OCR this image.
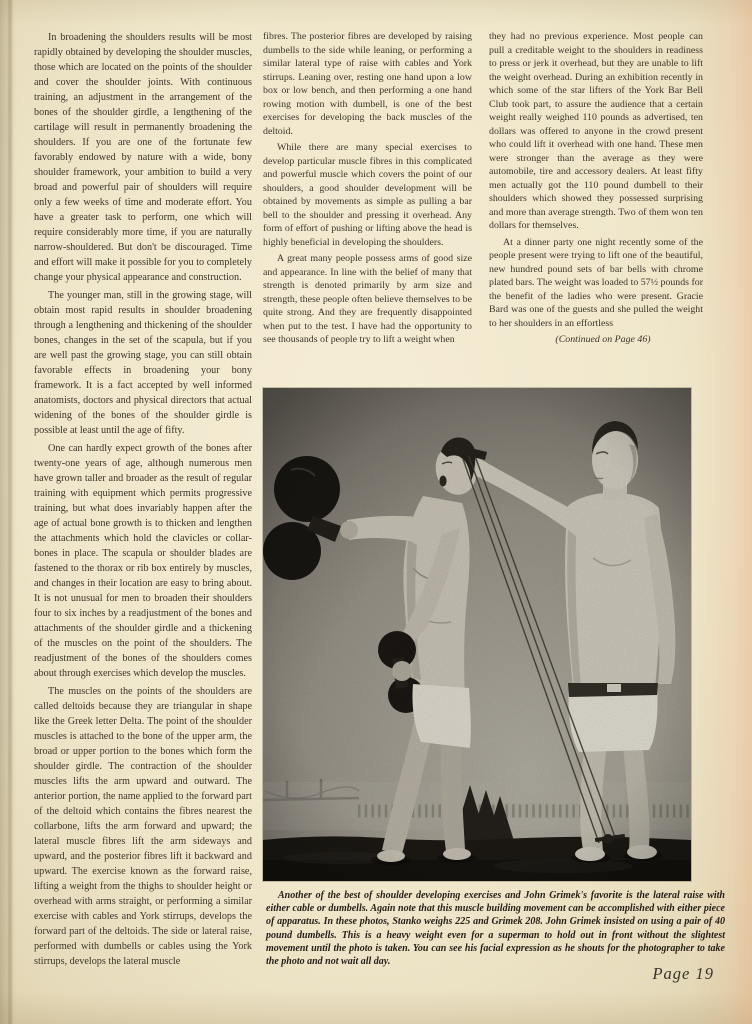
In broadening the shoulders results will be most rapidly obtained by developing the shoulder muscles, those which are located on the points of the shoulder and cover the shoulder joints. With continuous training, an adjustment in the arrangement of the bones of the shoulder girdle, a lengthening of the cartilage will result in permanently broadening the shoulders. If you are one of the fortunate few favorably endowed by nature with a wide, bony shoulder framework, your ambition to build a very broad and powerful pair of shoulders will require only a few weeks of time and moderate effort. You have a greater task to perform, one which will require considerably more time, if you are naturally narrow-shouldered. But don't be discouraged. Time and effort will make it possible for you to completely change your physical appearance and construction.

The younger man, still in the growing stage, will obtain most rapid results in shoulder broadening through a lengthening and thickening of the shoulder bones, changes in the set of the scapula, but if you are well past the growing stage, you can still obtain favorable effects in broadening your bony framework. It is a fact accepted by well informed anatomists, doctors and physical directors that actual widening of the bones of the shoulder girdle is possible at least until the age of fifty.

One can hardly expect growth of the bones after twenty-one years of age, although numerous men have grown taller and broader as the result of regular training with equipment which permits progressive training, but what does invariably happen after the age of actual bone growth is to thicken and lengthen the attachments which hold the clavicles or collar-bones in place. The scapula or shoulder blades are fastened to the thorax or rib box entirely by muscles, and changes in their location are easy to bring about. It is not unusual for men to broaden their shoulders four to six inches by a readjustment of the bones and attachments of the shoulder girdle and a thickening of the muscles on the point of the shoulders. The readjustment of the bones of the shoulders comes about through exercises which develop the muscles.

The muscles on the points of the shoulders are called deltoids because they are triangular in shape like the Greek letter Delta. The point of the shoulder muscles is attached to the bone of the upper arm, the broad or upper portion to the bones which form the shoulder girdle. The contraction of the shoulder muscles lifts the arm upward and outward. The anterior portion, the name applied to the forward part of the deltoid which contains the fibres nearest the collarbone, lifts the arm forward and upward; the lateral muscle fibres lift the arm sideways and upward, and the posterior fibres lift it backward and upward. The exercise known as the forward raise, lifting a weight from the thighs to shoulder height or overhead with arms straight, or performing a similar exercise with cables and York stirrups, develops the forward part of the deltoids. The side or lateral raise, performed with dumbells or cables using the York stirrups, develops the lateral muscle

fibres. The posterior fibres are developed by raising dumbells to the side while leaning, or performing a similar lateral type of raise with cables and York stirrups. Leaning over, resting one hand upon a low box or low bench, and then performing a one hand rowing motion with dumbell, is one of the best exercises for developing the back muscles of the deltoid.

While there are many special exercises to develop particular muscle fibres in this complicated and powerful muscle which covers the point of our shoulders, a good shoulder development will be obtained by movements as simple as pulling a bar bell to the shoulder and pressing it overhead. Any form of effort of pushing or lifting above the head is highly beneficial in developing the shoulders.

A great many people possess arms of good size and appearance. In line with the belief of many that strength is denoted primarily by arm size and strength, these people often believe themselves to be quite strong. And they are frequently disappointed when put to the test. I have had the opportunity to see thousands of people try to lift a weight when

they had no previous experience. Most people can pull a creditable weight to the shoulders in readiness to press or jerk it overhead, but they are unable to lift the weight overhead. During an exhibition recently in which some of the star lifters of the York Bar Bell Club took part, to assure the audience that a certain weight really weighed 110 pounds as advertised, ten dollars was offered to anyone in the crowd present who could lift it overhead with one hand. These men were stronger than the average as they were automobile, tire and accessory dealers. At least fifty men actually got the 110 pound dumbell to their shoulders which showed they possessed surprising and more than average strength. Two of them won ten dollars for themselves.

At a dinner party one night recently some of the people present were trying to lift one of the beautiful, new hundred pound sets of bar bells with chrome plated bars. The weight was loaded to 57½ pounds for the benefit of the ladies who were present. Gracie Bard was one of the guests and she pulled the weight to her shoulders in an effortless

(Continued on Page 46)

Another of the best of shoulder developing exercises and John Grimek's favorite is the lateral raise with either cable or dumbells. Again note that this muscle building movement can be accomplished with either piece of apparatus. In these photos, Stanko weighs 225 and Grimek 208. John Grimek insisted on using a pair of 40 pound dumbells. This is a heavy weight even for a superman to hold out in front without the slightest movement until the photo is taken. You can see his facial expression as he shouts for the photographer to take the photo and not wait all day.

Page 19
